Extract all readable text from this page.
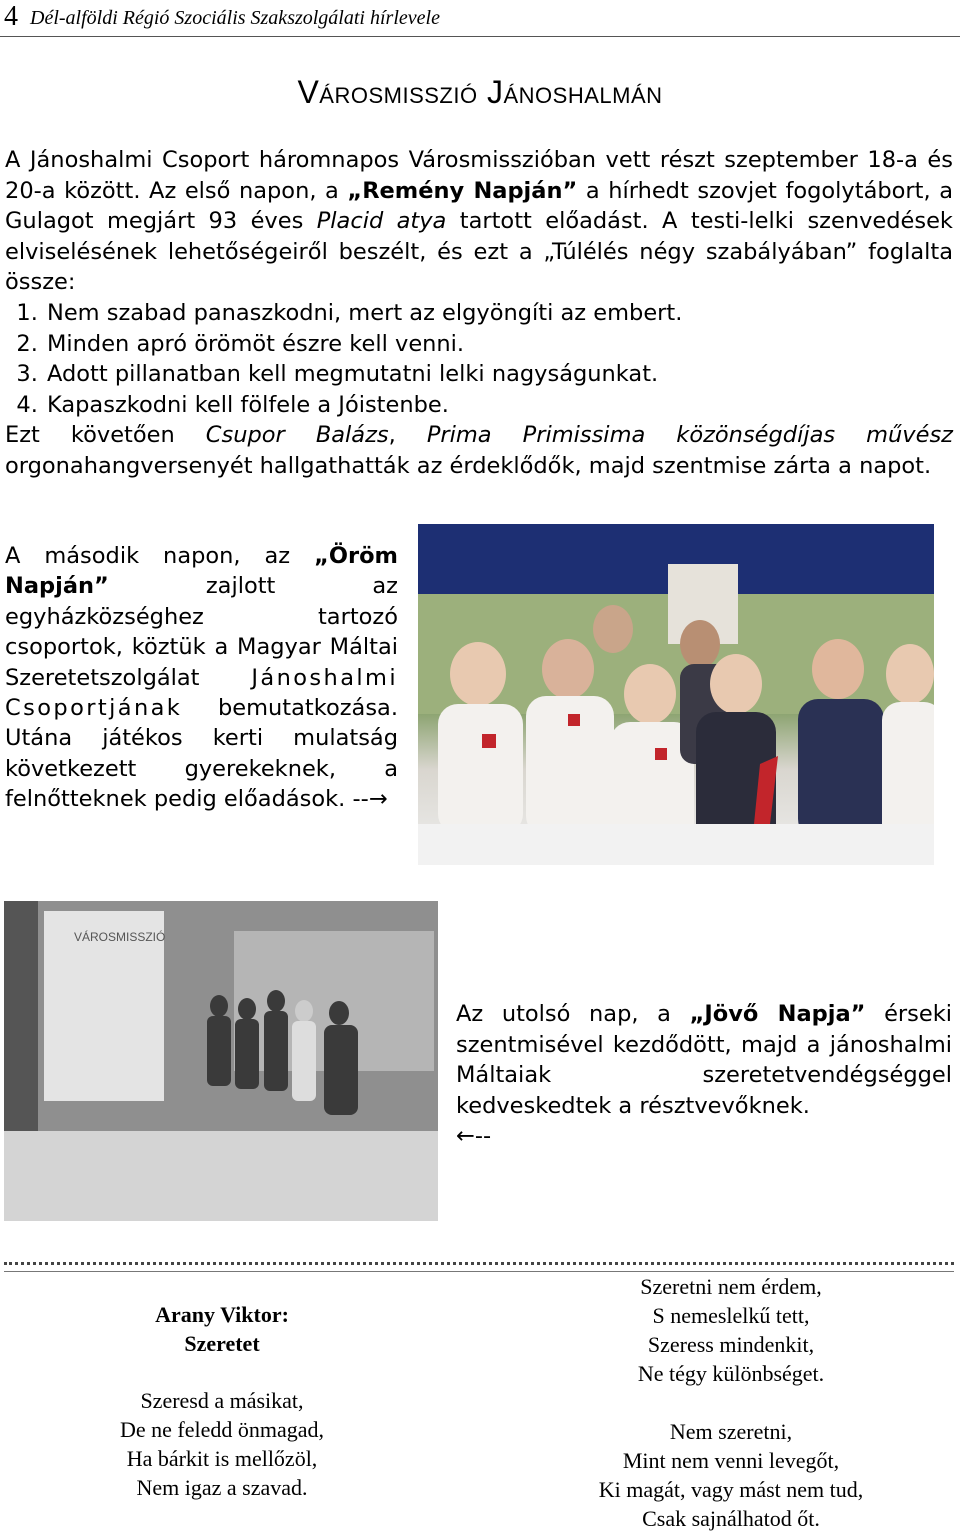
4 Dél-alföldi Régió Szociális Szakszolgálati hírlevele
Városmisszió Jánoshalmán

A Jánoshalmi Csoport háromnapos Városmisszióban vett részt szeptember 18-a és 20-a között. Az első napon, a „Remény Napján” a hírhedt szovjet fogolytábort, a Gulagot megjárt 93 éves Placid atya tartott előadást. A testi-lelki szenvedések elviselésének lehetőségeiről beszélt, és ezt a „Túlélés négy szabályában” foglalta össze:

1. Nem szabad panaszkodni, mert az elgyöngíti az embert.
2. Minden apró örömöt észre kell venni.
3. Adott pillanatban kell megmutatni lelki nagyságunkat.
4. Kapaszkodni kell fölfele a Jóistenbe.

Ezt követően Csupor Balázs, Prima Primissima közönségdíjas művész orgonahangversenyét hallgathatták az érdeklődők, majd szentmise zárta a napot.

A második napon, az „Öröm Napján” zajlott az egyházközséghez tartozó csoportok, köztük a Magyar Máltai Szeretetszolgálat Jánoshalmi Csoportjának bemutatkozása. Utána játékos kerti mulatság következett gyerekeknek, a felnőtteknek pedig előadások. --→

VÁROSMISSZIÓ

Az utolsó nap, a „Jövő Napja” érseki szentmisével kezdődött, majd a jánoshalmi Máltaiak szeretetvendégséggel kedveskedtek a résztvevőknek.

←--

Arany Viktor:
Szeretet
Szeresd a másikat,
De ne feledd önmagad,
Ha bárkit is mellőzöl,
Nem igaz a szavad.
Szeretni nem érdem,
S nemeslelkű tett,
Szeress mindenkit,
Ne tégy különbséget.
Nem szeretni,
Mint nem venni levegőt,
Ki magát, vagy mást nem tud,
Csak sajnálhatod őt.
